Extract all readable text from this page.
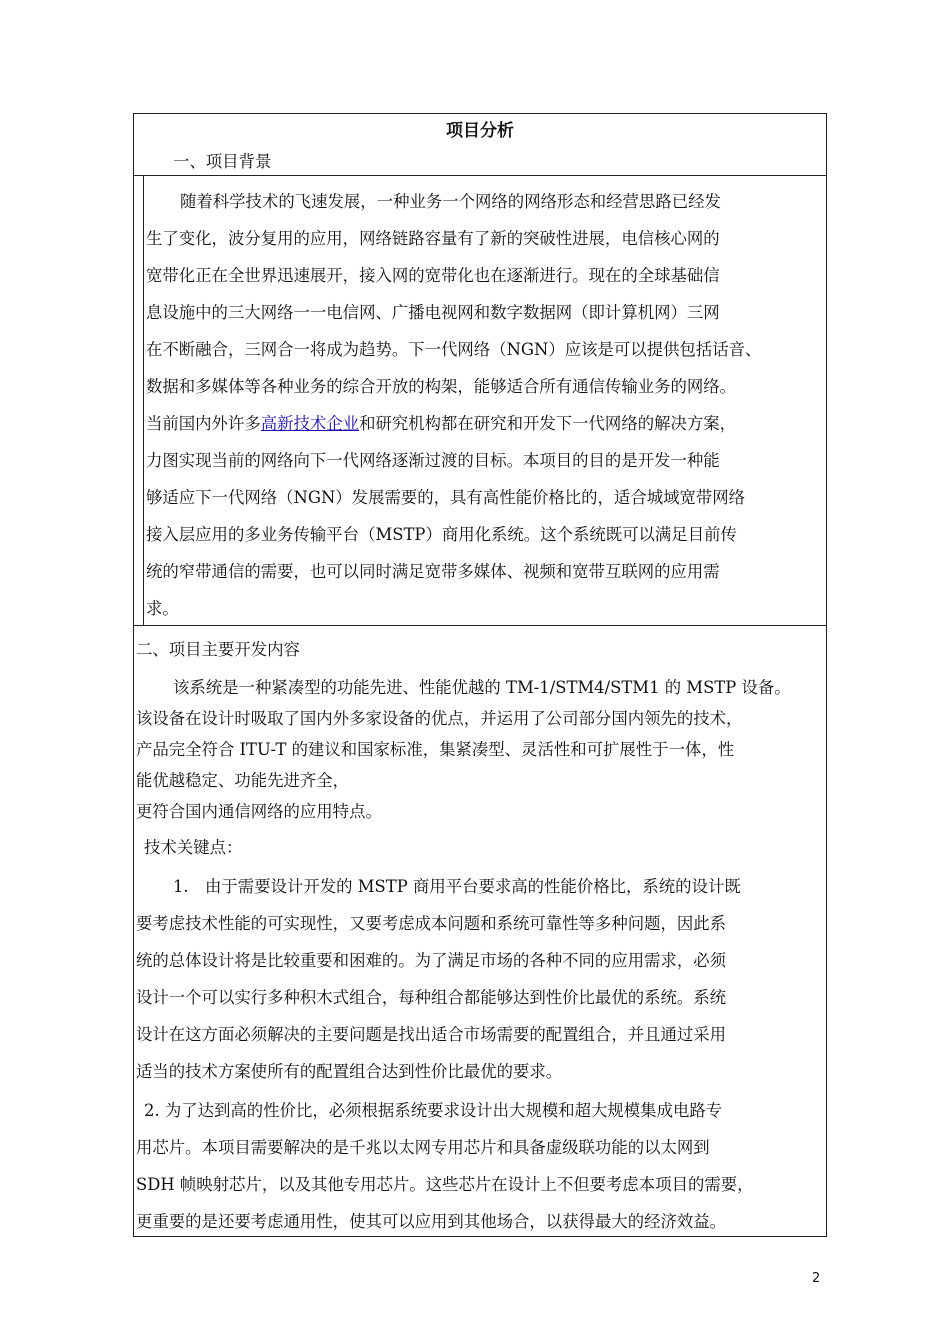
项目分析
一、项目背景
随着科学技术的飞速发展，一种业务一个网络的网络形态和经营思路已经发
生了变化，波分复用的应用，网络链路容量有了新的突破性进展，电信核心网的
宽带化正在全世界迅速展开，接入网的宽带化也在逐渐进行。现在的全球基础信
息设施中的三大网络一一电信网、广播电视网和数字数据网（即计算机网）三网
在不断融合，三网合一将成为趋势。下一代网络（NGN）应该是可以提供包括话音、
数据和多媒体等各种业务的综合开放的构架，能够适合所有通信传输业务的网络。
当前国内外许多高新技术企业和研究机构都在研究和开发下一代网络的解决方案，
力图实现当前的网络向下一代网络逐渐过渡的目标。本项目的目的是开发一种能
够适应下一代网络（NGN）发展需要的，具有高性能价格比的，适合城域宽带网络
接入层应用的多业务传输平台（MSTP）商用化系统。这个系统既可以满足目前传
统的窄带通信的需要，也可以同时满足宽带多媒体、视频和宽带互联网的应用需
求。
二、项目主要开发内容
该系统是一种紧凑型的功能先进、性能优越的 TM-1/STM4/STM1 的 MSTP 设备。
该设备在设计时吸取了国内外多家设备的优点，并运用了公司部分国内领先的技术，
产品完全符合 ITU-T 的建议和国家标准，集紧凑型、灵活性和可扩展性于一体，性
能优越稳定、功能先进齐全，
更符合国内通信网络的应用特点。
技术关键点：
1.　由于需要设计开发的 MSTP 商用平台要求高的性能价格比，系统的设计既
要考虑技术性能的可实现性，又要考虑成本问题和系统可靠性等多种问题，因此系
统的总体设计将是比较重要和困难的。为了满足市场的各种不同的应用需求，必须
设计一个可以实行多种积木式组合，每种组合都能够达到性价比最优的系统。系统
设计在这方面必须解决的主要问题是找出适合市场需要的配置组合，并且通过采用
适当的技术方案使所有的配置组合达到性价比最优的要求。
2. 为了达到高的性价比，必须根据系统要求设计出大规模和超大规模集成电路专
用芯片。本项目需要解决的是千兆以太网专用芯片和具备虚级联功能的以太网到
SDH 帧映射芯片，以及其他专用芯片。这些芯片在设计上不但要考虑本项目的需要，
更重要的是还要考虑通用性，使其可以应用到其他场合，以获得最大的经济效益。
2
